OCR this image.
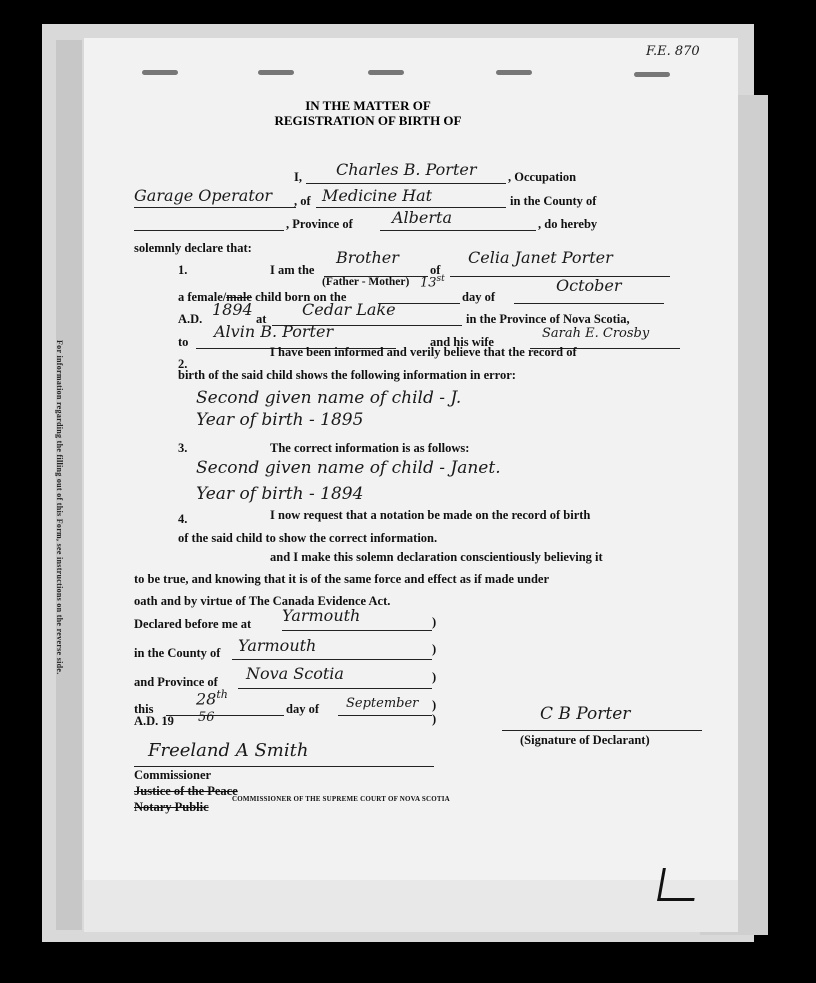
For information regarding the filling out of this Form, see instructions on the reverse side.
F.E. 870
IN THE MATTER OF
REGISTRATION OF BIRTH OF
I, Charles B. Porter	, Occupation
Garage Operator , of Medicine Hat	in the County of
, Province of Alberta	, do hereby
solemnly declare that:
1.	I am the
Brother
of
Celia Janet Porter
(Father - Mother)
a female/male child born on the
13st
day of
October
A.D. 1894 at Cedar Lake	in the Province of Nova Scotia,
to
Alvin B. Porter
and his wife
Sarah E. Crosby
2.
I have been informed and verily believe that the record of
birth of the said child shows the following information in error:
Second given name of child - J.
Year of birth - 1895
3.	The correct information is as follows:
Second given name of child - Janet.
Year of birth - 1894
4.	I now request that a notation be made on the record of birth
of the said child to show the correct information.
and I make this solemn declaration conscientiously believing it
to be true, and knowing that it is of the same force and effect as if made under
oath and by virtue of The Canada Evidence Act.
Declared before me at Yarmouth	)
in the County of Yarmouth	)
and Province of Nova Scotia	)
this
28th
day of September )
A.D. 19 56	)	C B Porter
(Signature of Declarant)
Freeland A Smith
Commissioner
Justice of the Peace
Notary Public
COMMISSIONER OF THE SUPREME COURT OF NOVA SCOTIA
